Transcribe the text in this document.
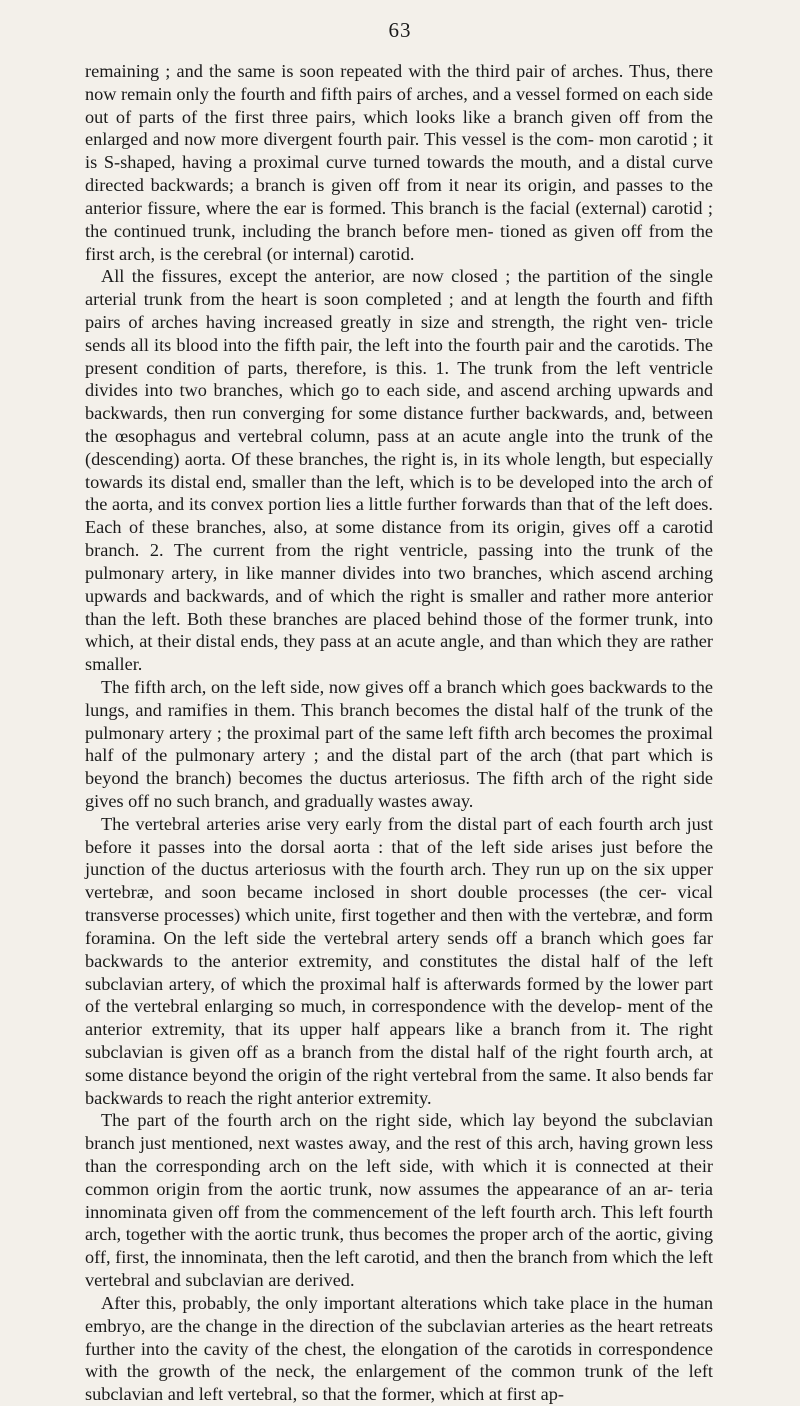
63

remaining ; and the same is soon repeated with the third pair of arches. Thus, there now remain only the fourth and fifth pairs of arches, and a vessel formed on each side out of parts of the first three pairs, which looks like a branch given off from the enlarged and now more divergent fourth pair. This vessel is the com- mon carotid ; it is S-shaped, having a proximal curve turned towards the mouth, and a distal curve directed backwards; a branch is given off from it near its origin, and passes to the anterior fissure, where the ear is formed. This branch is the facial (external) carotid ; the continued trunk, including the branch before men- tioned as given off from the first arch, is the cerebral (or internal) carotid.

All the fissures, except the anterior, are now closed ; the partition of the single arterial trunk from the heart is soon completed ; and at length the fourth and fifth pairs of arches having increased greatly in size and strength, the right ven- tricle sends all its blood into the fifth pair, the left into the fourth pair and the carotids. The present condition of parts, therefore, is this. 1. The trunk from the left ventricle divides into two branches, which go to each side, and ascend arching upwards and backwards, then run converging for some distance further backwards, and, between the œsophagus and vertebral column, pass at an acute angle into the trunk of the (descending) aorta. Of these branches, the right is, in its whole length, but especially towards its distal end, smaller than the left, which is to be developed into the arch of the aorta, and its convex portion lies a little further forwards than that of the left does. Each of these branches, also, at some distance from its origin, gives off a carotid branch. 2. The current from the right ventricle, passing into the trunk of the pulmonary artery, in like manner divides into two branches, which ascend arching upwards and backwards, and of which the right is smaller and rather more anterior than the left. Both these branches are placed behind those of the former trunk, into which, at their distal ends, they pass at an acute angle, and than which they are rather smaller.

The fifth arch, on the left side, now gives off a branch which goes backwards to the lungs, and ramifies in them. This branch becomes the distal half of the trunk of the pulmonary artery ; the proximal part of the same left fifth arch becomes the proximal half of the pulmonary artery ; and the distal part of the arch (that part which is beyond the branch) becomes the ductus arteriosus. The fifth arch of the right side gives off no such branch, and gradually wastes away.

The vertebral arteries arise very early from the distal part of each fourth arch just before it passes into the dorsal aorta : that of the left side arises just before the junction of the ductus arteriosus with the fourth arch. They run up on the six upper vertebræ, and soon became inclosed in short double processes (the cer- vical transverse processes) which unite, first together and then with the vertebræ, and form foramina. On the left side the vertebral artery sends off a branch which goes far backwards to the anterior extremity, and constitutes the distal half of the left subclavian artery, of which the proximal half is afterwards formed by the lower part of the vertebral enlarging so much, in correspondence with the develop- ment of the anterior extremity, that its upper half appears like a branch from it. The right subclavian is given off as a branch from the distal half of the right fourth arch, at some distance beyond the origin of the right vertebral from the same. It also bends far backwards to reach the right anterior extremity.

The part of the fourth arch on the right side, which lay beyond the subclavian branch just mentioned, next wastes away, and the rest of this arch, having grown less than the corresponding arch on the left side, with which it is connected at their common origin from the aortic trunk, now assumes the appearance of an ar- teria innominata given off from the commencement of the left fourth arch. This left fourth arch, together with the aortic trunk, thus becomes the proper arch of the aortic, giving off, first, the innominata, then the left carotid, and then the branch from which the left vertebral and subclavian are derived.

After this, probably, the only important alterations which take place in the human embryo, are the change in the direction of the subclavian arteries as the heart retreats further into the cavity of the chest, the elongation of the carotids in correspondence with the growth of the neck, the enlargement of the common trunk of the left subclavian and left vertebral, so that the former, which at first ap-
